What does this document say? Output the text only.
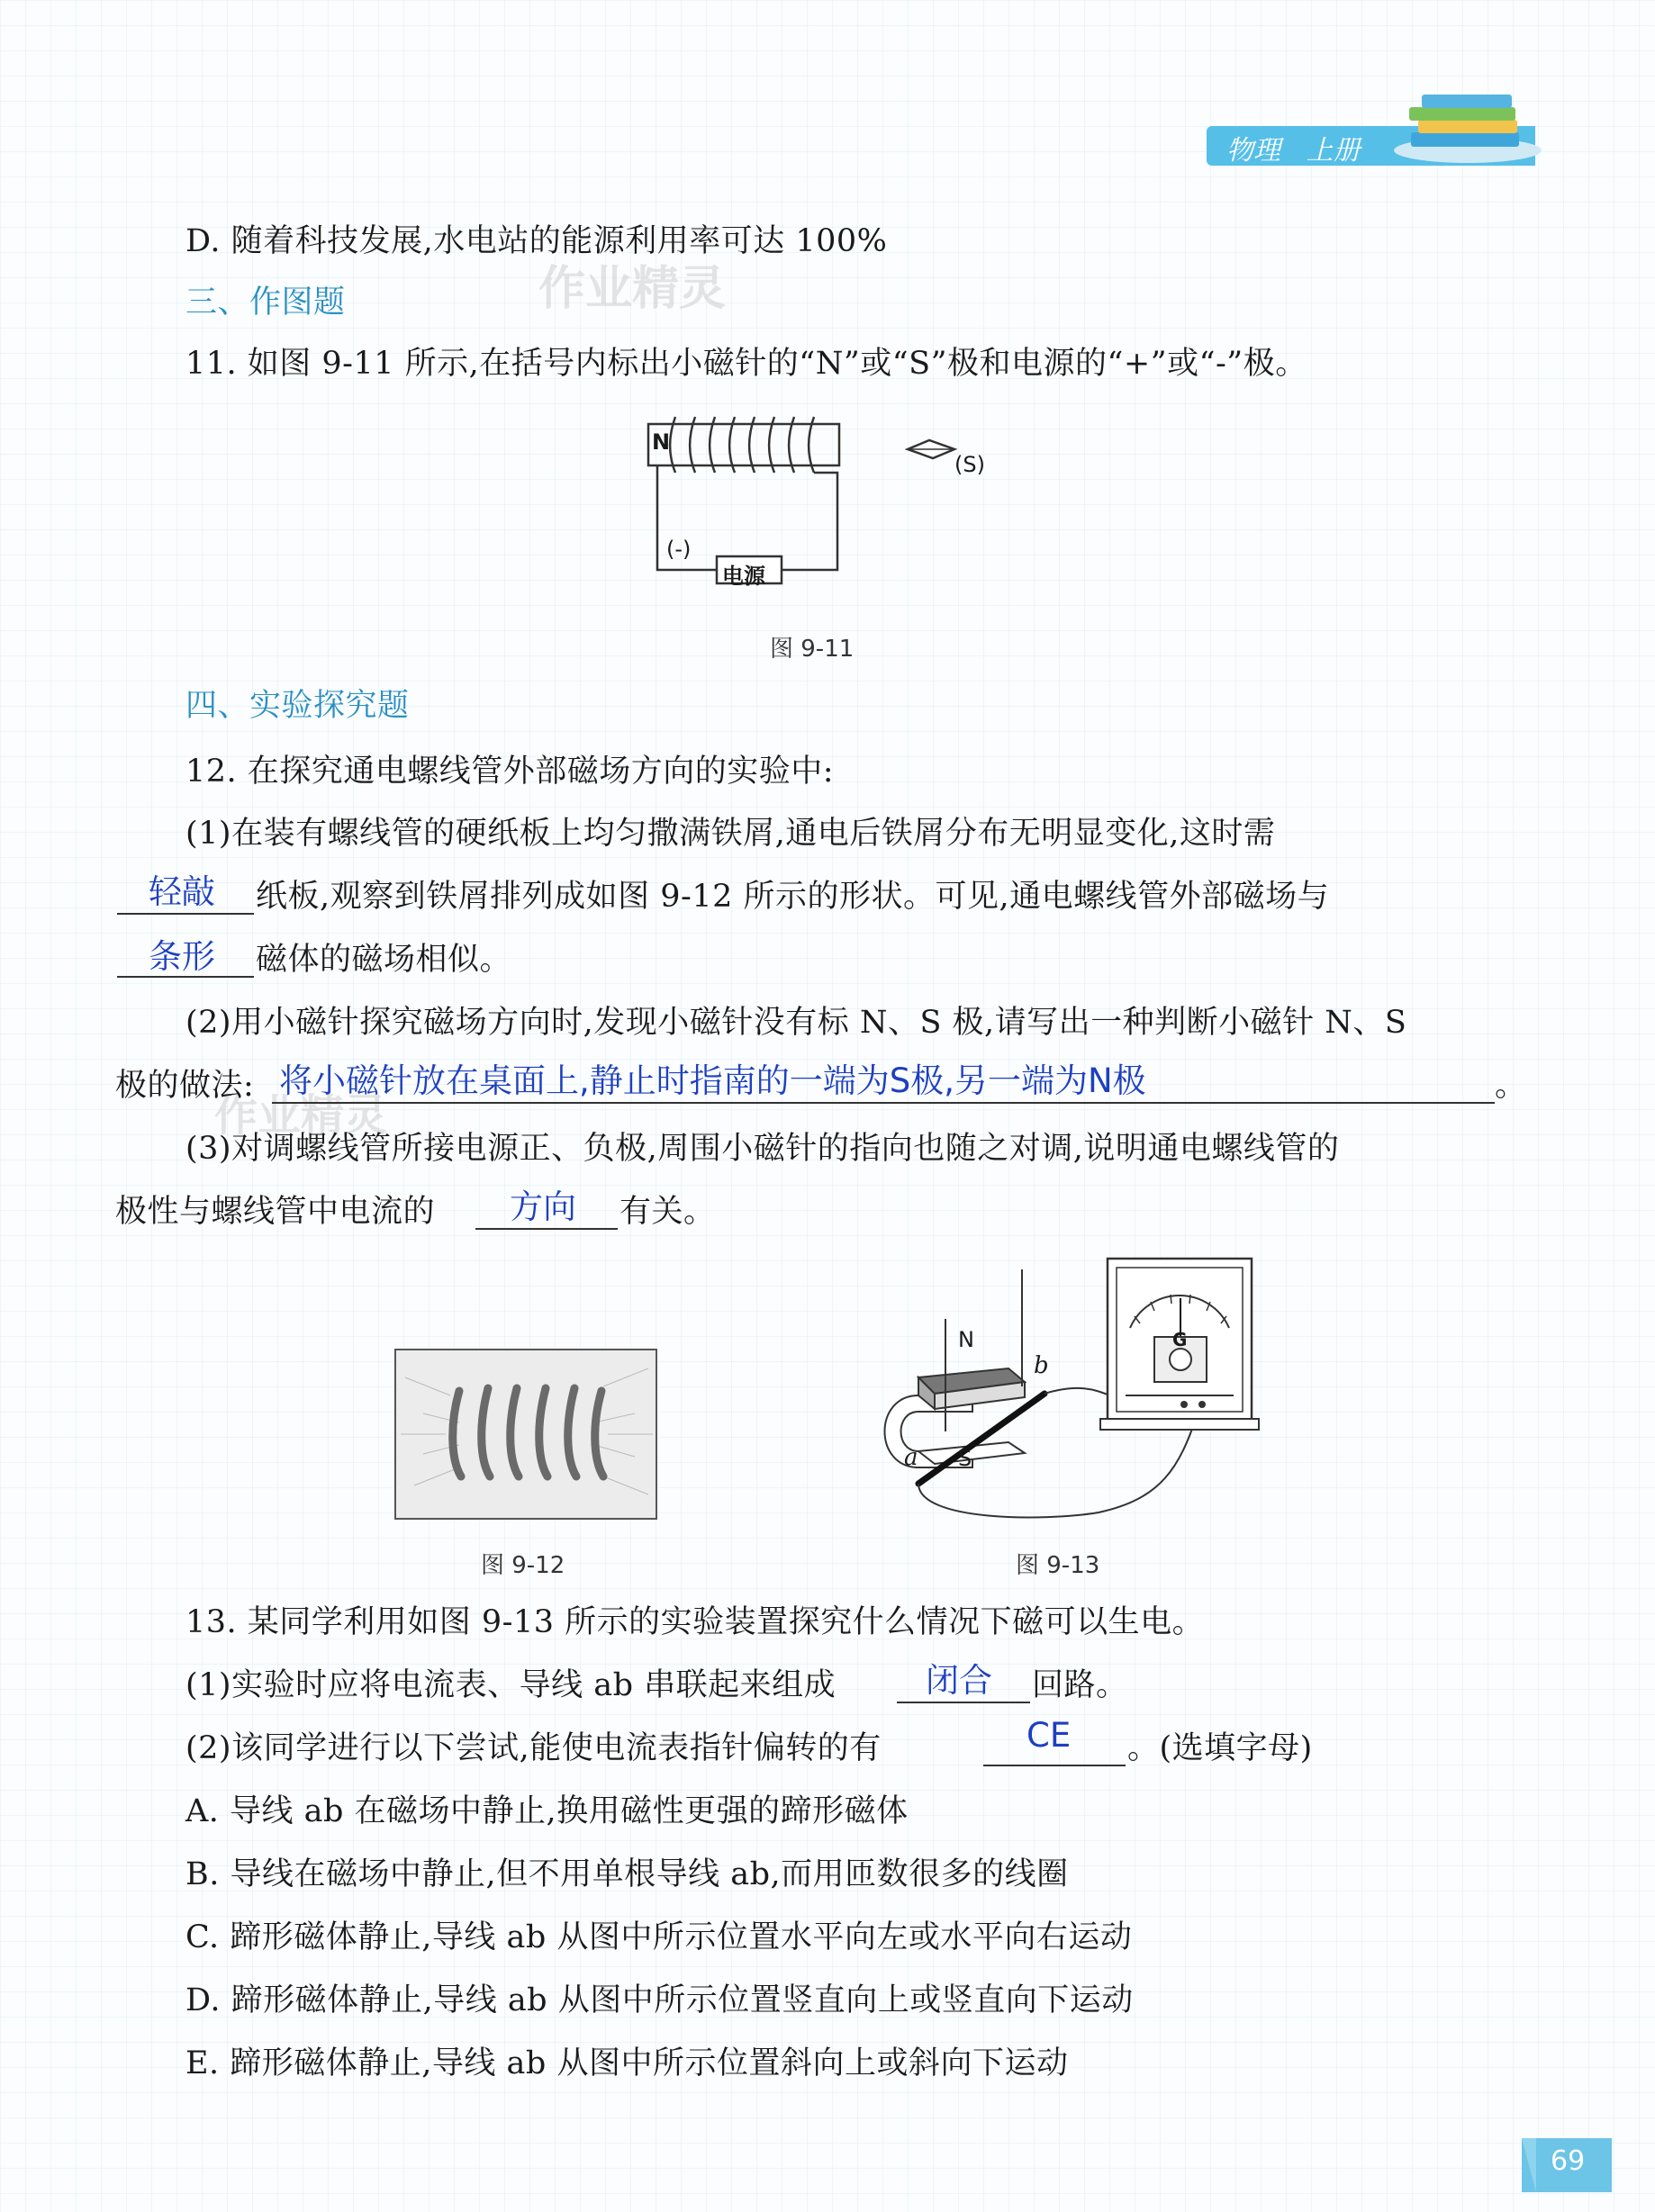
物理 上册
作业精灵
作业精灵
D. 随着科技发展,水电站的能源利用率可达 100%
三、作图题
11. 如图 9-11 所示,在括号内标出小磁针的“N”或“S”极和电源的“+”或“-”极。
N
(S)
(-)
电源
图 9-11
四、实验探究题
12. 在探究通电螺线管外部磁场方向的实验中:
(1)在装有螺线管的硬纸板上均匀撒满铁屑,通电后铁屑分布无明显变化,这时需
轻敲 纸板,观察到铁屑排列成如图 9-12 所示的形状。可见,通电螺线管外部磁场与
条形 磁体的磁场相似。
(2)用小磁针探究磁场方向时,发现小磁针没有标 N、S 极,请写出一种判断小磁针 N、S
极的做法: 将小磁针放在桌面上,静止时指南的一端为S极,另一端为N极	。
(3)对调螺线管所接电源正、负极,周围小磁针的指向也随之对调,说明通电螺线管的
极性与螺线管中电流的 方向 有关。
图 9-12
N
S
a
b
G
图 9-13
13. 某同学利用如图 9-13 所示的实验装置探究什么情况下磁可以生电。
(1)实验时应将电流表、导线 ab 串联起来组成	闭合 回路。
(2)该同学进行以下尝试,能使电流表指针偏转的有	CE 。(选填字母)
A. 导线 ab 在磁场中静止,换用磁性更强的蹄形磁体
B. 导线在磁场中静止,但不用单根导线 ab,而用匝数很多的线圈
C. 蹄形磁体静止,导线 ab 从图中所示位置水平向左或水平向右运动
D. 蹄形磁体静止,导线 ab 从图中所示位置竖直向上或竖直向下运动
E. 蹄形磁体静止,导线 ab 从图中所示位置斜向上或斜向下运动
69
